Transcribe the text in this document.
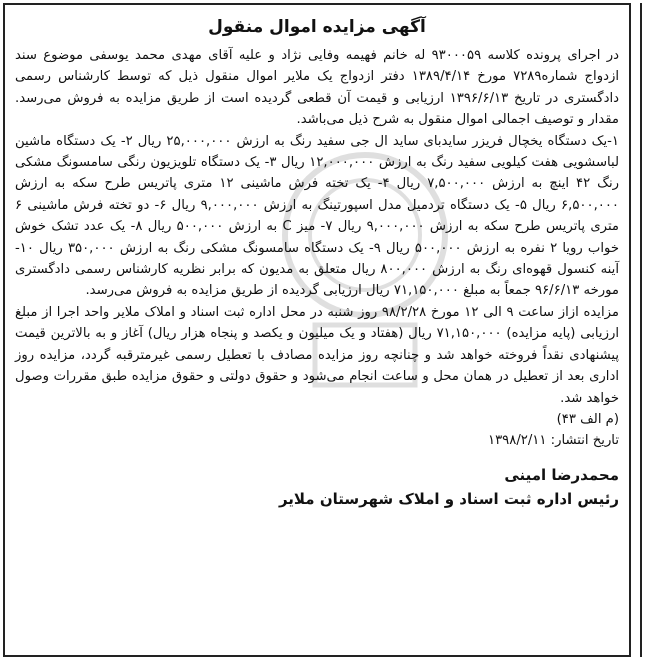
آگهی مزایده اموال منقول

در اجرای پرونده کلاسه ۹۳۰۰۰۵۹ له خانم فهیمه وفایی نژاد و علیه آقای مهدی محمد یوسفی موضوع سند ازدواج شماره۷۲۸۹ مورخ ۱۳۸۹/۴/۱۴ دفتر ازدواج یک ملایر اموال منقول ذیل که توسط کارشناس رسمی دادگستری در تاریخ ۱۳۹۶/۶/۱۳ ارزیابی و قیمت آن قطعی گردیده است از طریق مزایده به فروش می‌رسد. مقدار و توصیف اجمالی اموال منقول به شرح ذیل می‌باشد.

۱-یک دستگاه یخچال فریزر سایدبای ساید ال جی سفید رنگ به ارزش ۲۵,۰۰۰,۰۰۰ ریال ۲- یک دستگاه ماشین لباسشویی هفت کیلویی سفید رنگ به ارزش ۱۲,۰۰۰,۰۰۰ ریال ۳- یک دستگاه تلویزیون رنگی سامسونگ مشکی رنگ ۴۲ اینچ به ارزش ۷,۵۰۰,۰۰۰ ریال ۴- یک تخته فرش ماشینی ۱۲ متری پاتریس طرح سکه به ارزش ۶,۵۰۰,۰۰۰ ریال ۵- یک دستگاه تردمیل مدل اسپورتینگ به ارزش ۹,۰۰۰,۰۰۰ ریال ۶- دو تخته فرش ماشینی ۶ متری پاتریس طرح سکه به ارزش ۹,۰۰۰,۰۰۰ ریال ۷- میز C به ارزش ۵۰۰,۰۰۰ ریال ۸- یک عدد تشک خوش خواب رویا ۲ نفره به ارزش ۵۰۰,۰۰۰ ریال ۹- یک دستگاه سامسونگ مشکی رنگ به ارزش ۳۵۰,۰۰۰ ریال ۱۰- آینه کنسول قهوه‌ای رنگ به ارزش ۸۰۰,۰۰۰ ریال متعلق به مدیون که برابر نظریه کارشناس رسمی دادگستری مورخه ۹۶/۶/۱۳ جمعاً به مبلغ ۷۱,۱۵۰,۰۰۰ ریال ارزیابی گردیده از طریق مزایده به فروش می‌رسد.

مزایده ازاز ساعت ۹ الی ۱۲ مورخ ۹۸/۲/۲۸ روز شنبه در محل اداره ثبت اسناد و املاک ملایر واحد اجرا از مبلغ ارزیابی (پایه مزایده) ۷۱,۱۵۰,۰۰۰ ریال (هفتاد و یک میلیون و یکصد و پنجاه هزار ریال) آغاز و به بالاترین قیمت پیشنهادی نقداً فروخته خواهد شد و چنانچه روز مزایده مصادف با تعطیل رسمی غیرمترقبه گردد، مزایده روز اداری بعد از تعطیل در همان محل و ساعت انجام می‌شود و حقوق دولتی و حقوق مزایده طبق مقررات وصول خواهد شد.

(م الف ۴۳)

تاریخ انتشار: ۱۳۹۸/۲/۱۱

محمدرضا امینی

رئیس اداره ثبت اسناد و املاک شهرستان ملایر
